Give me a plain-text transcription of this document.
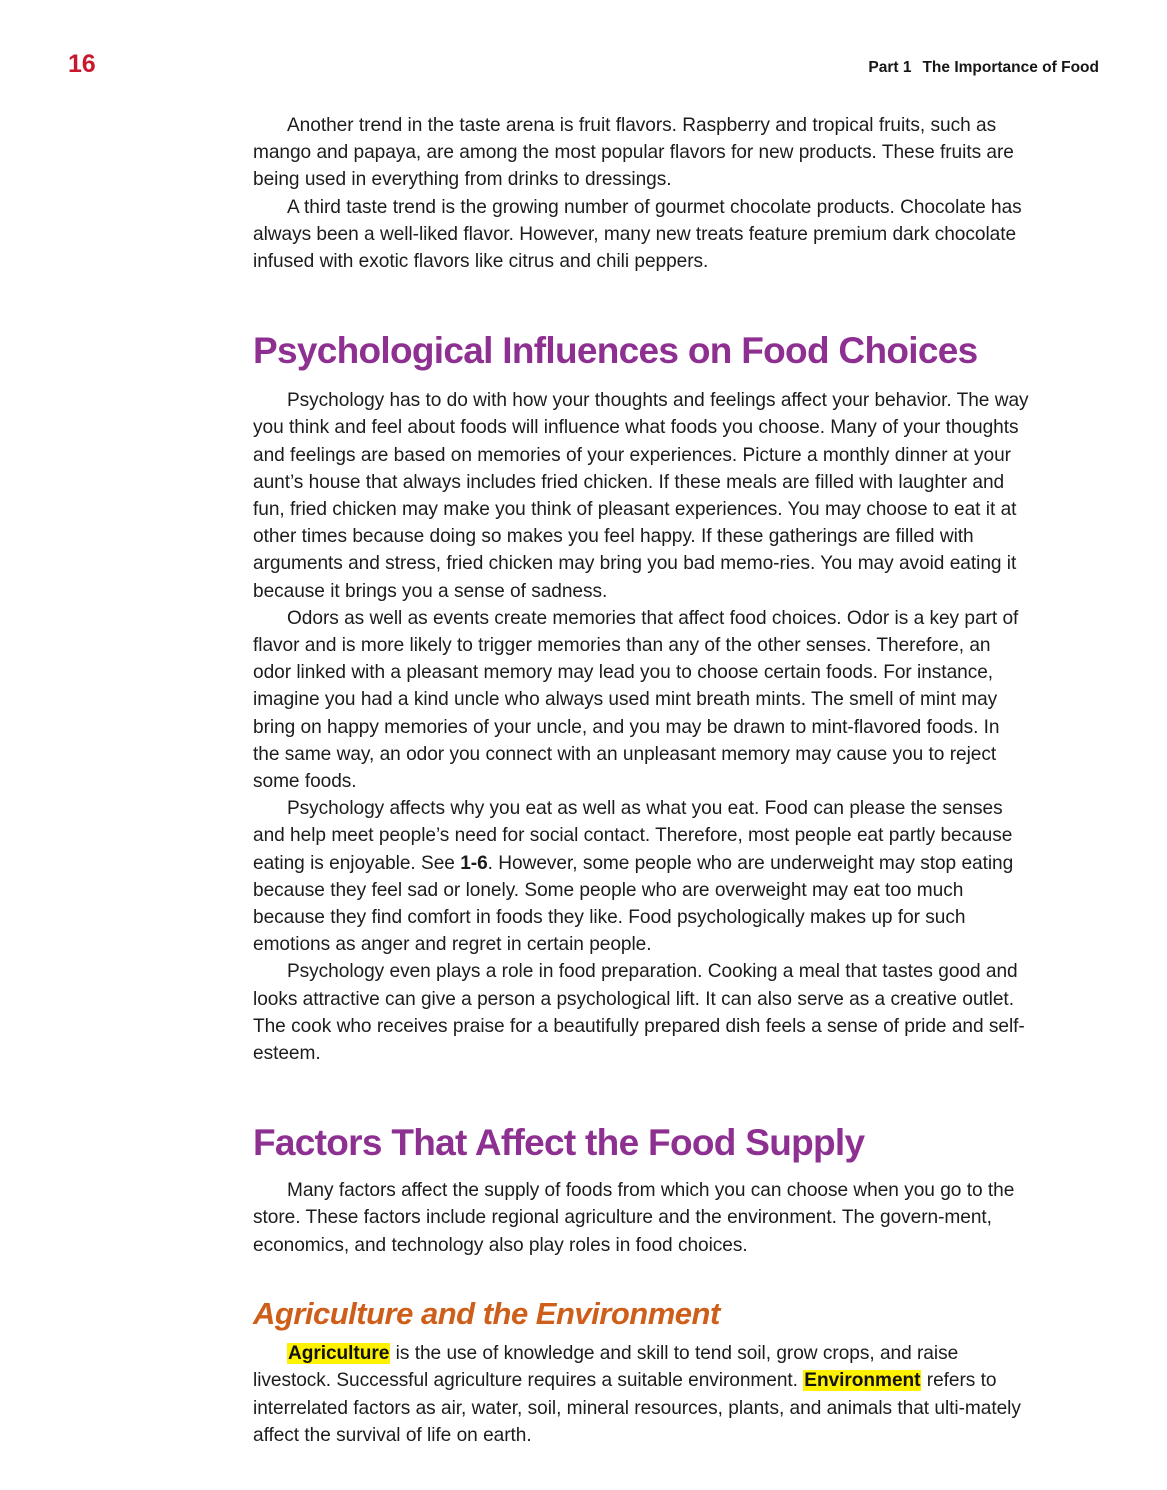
16	Part 1 The Importance of Food

Another trend in the taste arena is fruit flavors. Raspberry and tropical fruits, such as mango and papaya, are among the most popular flavors for new products. These fruits are being used in everything from drinks to dressings.

A third taste trend is the growing number of gourmet chocolate products. Chocolate has always been a well-liked flavor. However, many new treats feature premium dark chocolate infused with exotic flavors like citrus and chili peppers.

Psychological Influences on Food Choices

Psychology has to do with how your thoughts and feelings affect your behavior. The way you think and feel about foods will influence what foods you choose. Many of your thoughts and feelings are based on memories of your experiences. Picture a monthly dinner at your aunt’s house that always includes fried chicken. If these meals are filled with laughter and fun, fried chicken may make you think of pleasant experiences. You may choose to eat it at other times because doing so makes you feel happy. If these gatherings are filled with arguments and stress, fried chicken may bring you bad memo-ries. You may avoid eating it because it brings you a sense of sadness.

Odors as well as events create memories that affect food choices. Odor is a key part of flavor and is more likely to trigger memories than any of the other senses. Therefore, an odor linked with a pleasant memory may lead you to choose certain foods. For instance, imagine you had a kind uncle who always used mint breath mints. The smell of mint may bring on happy memories of your uncle, and you may be drawn to mint-flavored foods. In the same way, an odor you connect with an unpleasant memory may cause you to reject some foods.

Psychology affects why you eat as well as what you eat. Food can please the senses and help meet people’s need for social contact. Therefore, most people eat partly because eating is enjoyable. See 1-6. However, some people who are underweight may stop eating because they feel sad or lonely. Some people who are overweight may eat too much because they find comfort in foods they like. Food psychologically makes up for such emotions as anger and regret in certain people.

Psychology even plays a role in food preparation. Cooking a meal that tastes good and looks attractive can give a person a psychological lift. It can also serve as a creative outlet. The cook who receives praise for a beautifully prepared dish feels a sense of pride and self-esteem.

Factors That Affect the Food Supply

Many factors affect the supply of foods from which you can choose when you go to the store. These factors include regional agriculture and the environment. The govern-ment, economics, and technology also play roles in food choices.

Agriculture and the Environment

Agriculture is the use of knowledge and skill to tend soil, grow crops, and raise livestock. Successful agriculture requires a suitable environment. Environment refers to interrelated factors as air, water, soil, mineral resources, plants, and animals that ulti-mately affect the survival of life on earth.
